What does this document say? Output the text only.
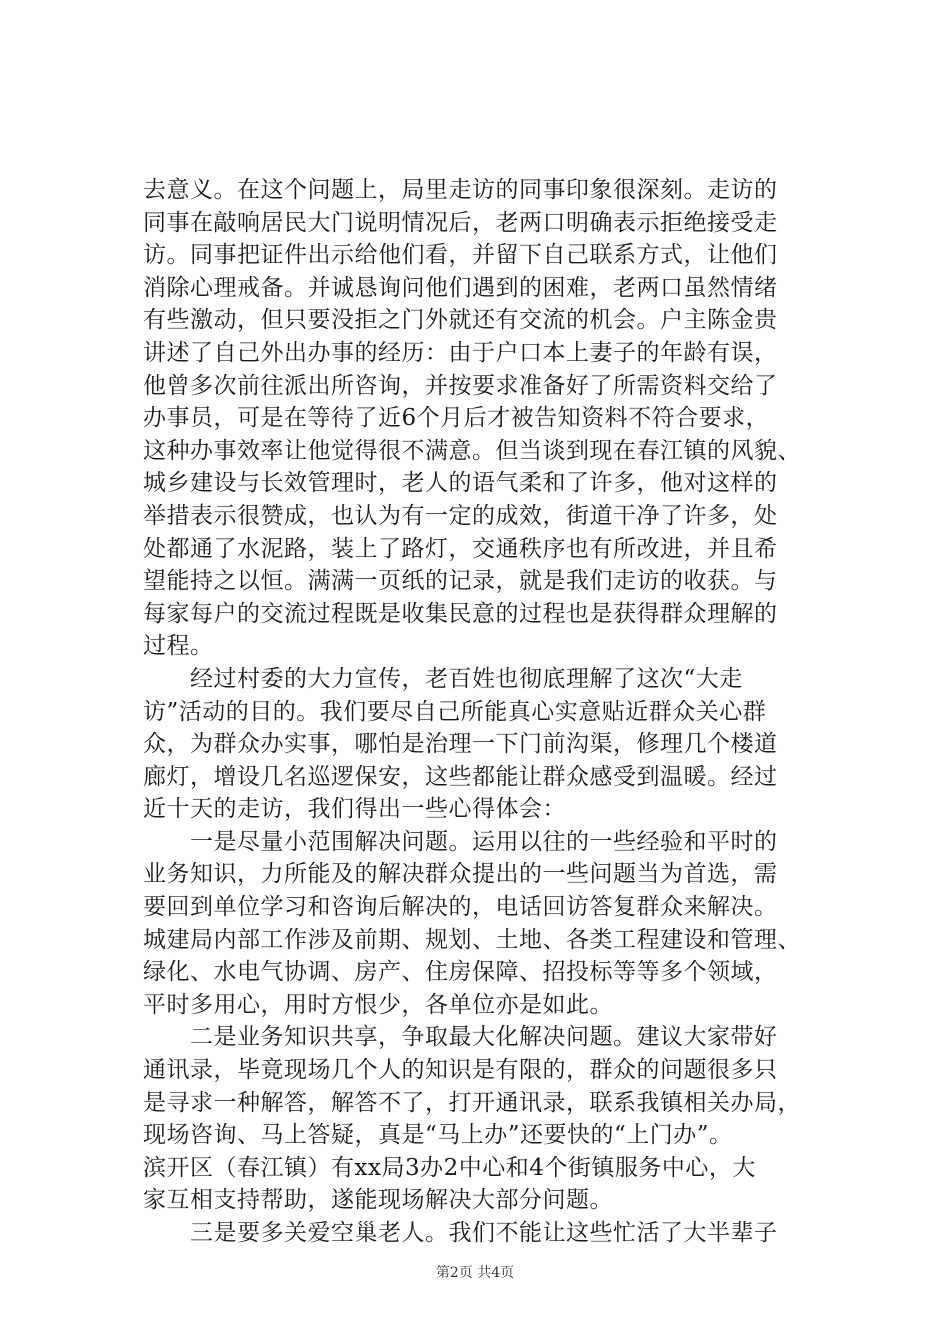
去意义。在这个问题上，局里走访的同事印象很深刻。走访的
同事在敲响居民大门说明情况后，老两口明确表示拒绝接受走
访。同事把证件出示给他们看，并留下自己联系方式，让他们
消除心理戒备。并诚恳询问他们遇到的困难，老两口虽然情绪
有些激动，但只要没拒之门外就还有交流的机会。户主陈金贵
讲述了自己外出办事的经历：由于户口本上妻子的年龄有误，
他曾多次前往派出所咨询，并按要求准备好了所需资料交给了
办事员，可是在等待了近6个月后才被告知资料不符合要求，
这种办事效率让他觉得很不满意。但当谈到现在春江镇的风貌、
城乡建设与长效管理时，老人的语气柔和了许多，他对这样的
举措表示很赞成，也认为有一定的成效，街道干净了许多，处
处都通了水泥路，装上了路灯，交通秩序也有所改进，并且希
望能持之以恒。满满一页纸的记录，就是我们走访的收获。与
每家每户的交流过程既是收集民意的过程也是获得群众理解的
过程。
　　经过村委的大力宣传，老百姓也彻底理解了这次“大走
访”活动的目的。我们要尽自己所能真心实意贴近群众关心群
众，为群众办实事，哪怕是治理一下门前沟渠，修理几个楼道
廊灯，增设几名巡逻保安，这些都能让群众感受到温暖。经过
近十天的走访，我们得出一些心得体会：
　　一是尽量小范围解决问题。运用以往的一些经验和平时的
业务知识，力所能及的解决群众提出的一些问题当为首选，需
要回到单位学习和咨询后解决的，电话回访答复群众来解决。
城建局内部工作涉及前期、规划、土地、各类工程建设和管理、
绿化、水电气协调、房产、住房保障、招投标等等多个领域，
平时多用心，用时方恨少，各单位亦是如此。
　　二是业务知识共享，争取最大化解决问题。建议大家带好
通讯录，毕竟现场几个人的知识是有限的，群众的问题很多只
是寻求一种解答，解答不了，打开通讯录，联系我镇相关办局，
现场咨询、马上答疑，真是“马上办”还要快的“上门办”。
滨开区（春江镇）有xx局3办2中心和4个街镇服务中心，大
家互相支持帮助，遂能现场解决大部分问题。
　　三是要多关爱空巢老人。我们不能让这些忙活了大半辈子
第2页 共4页
